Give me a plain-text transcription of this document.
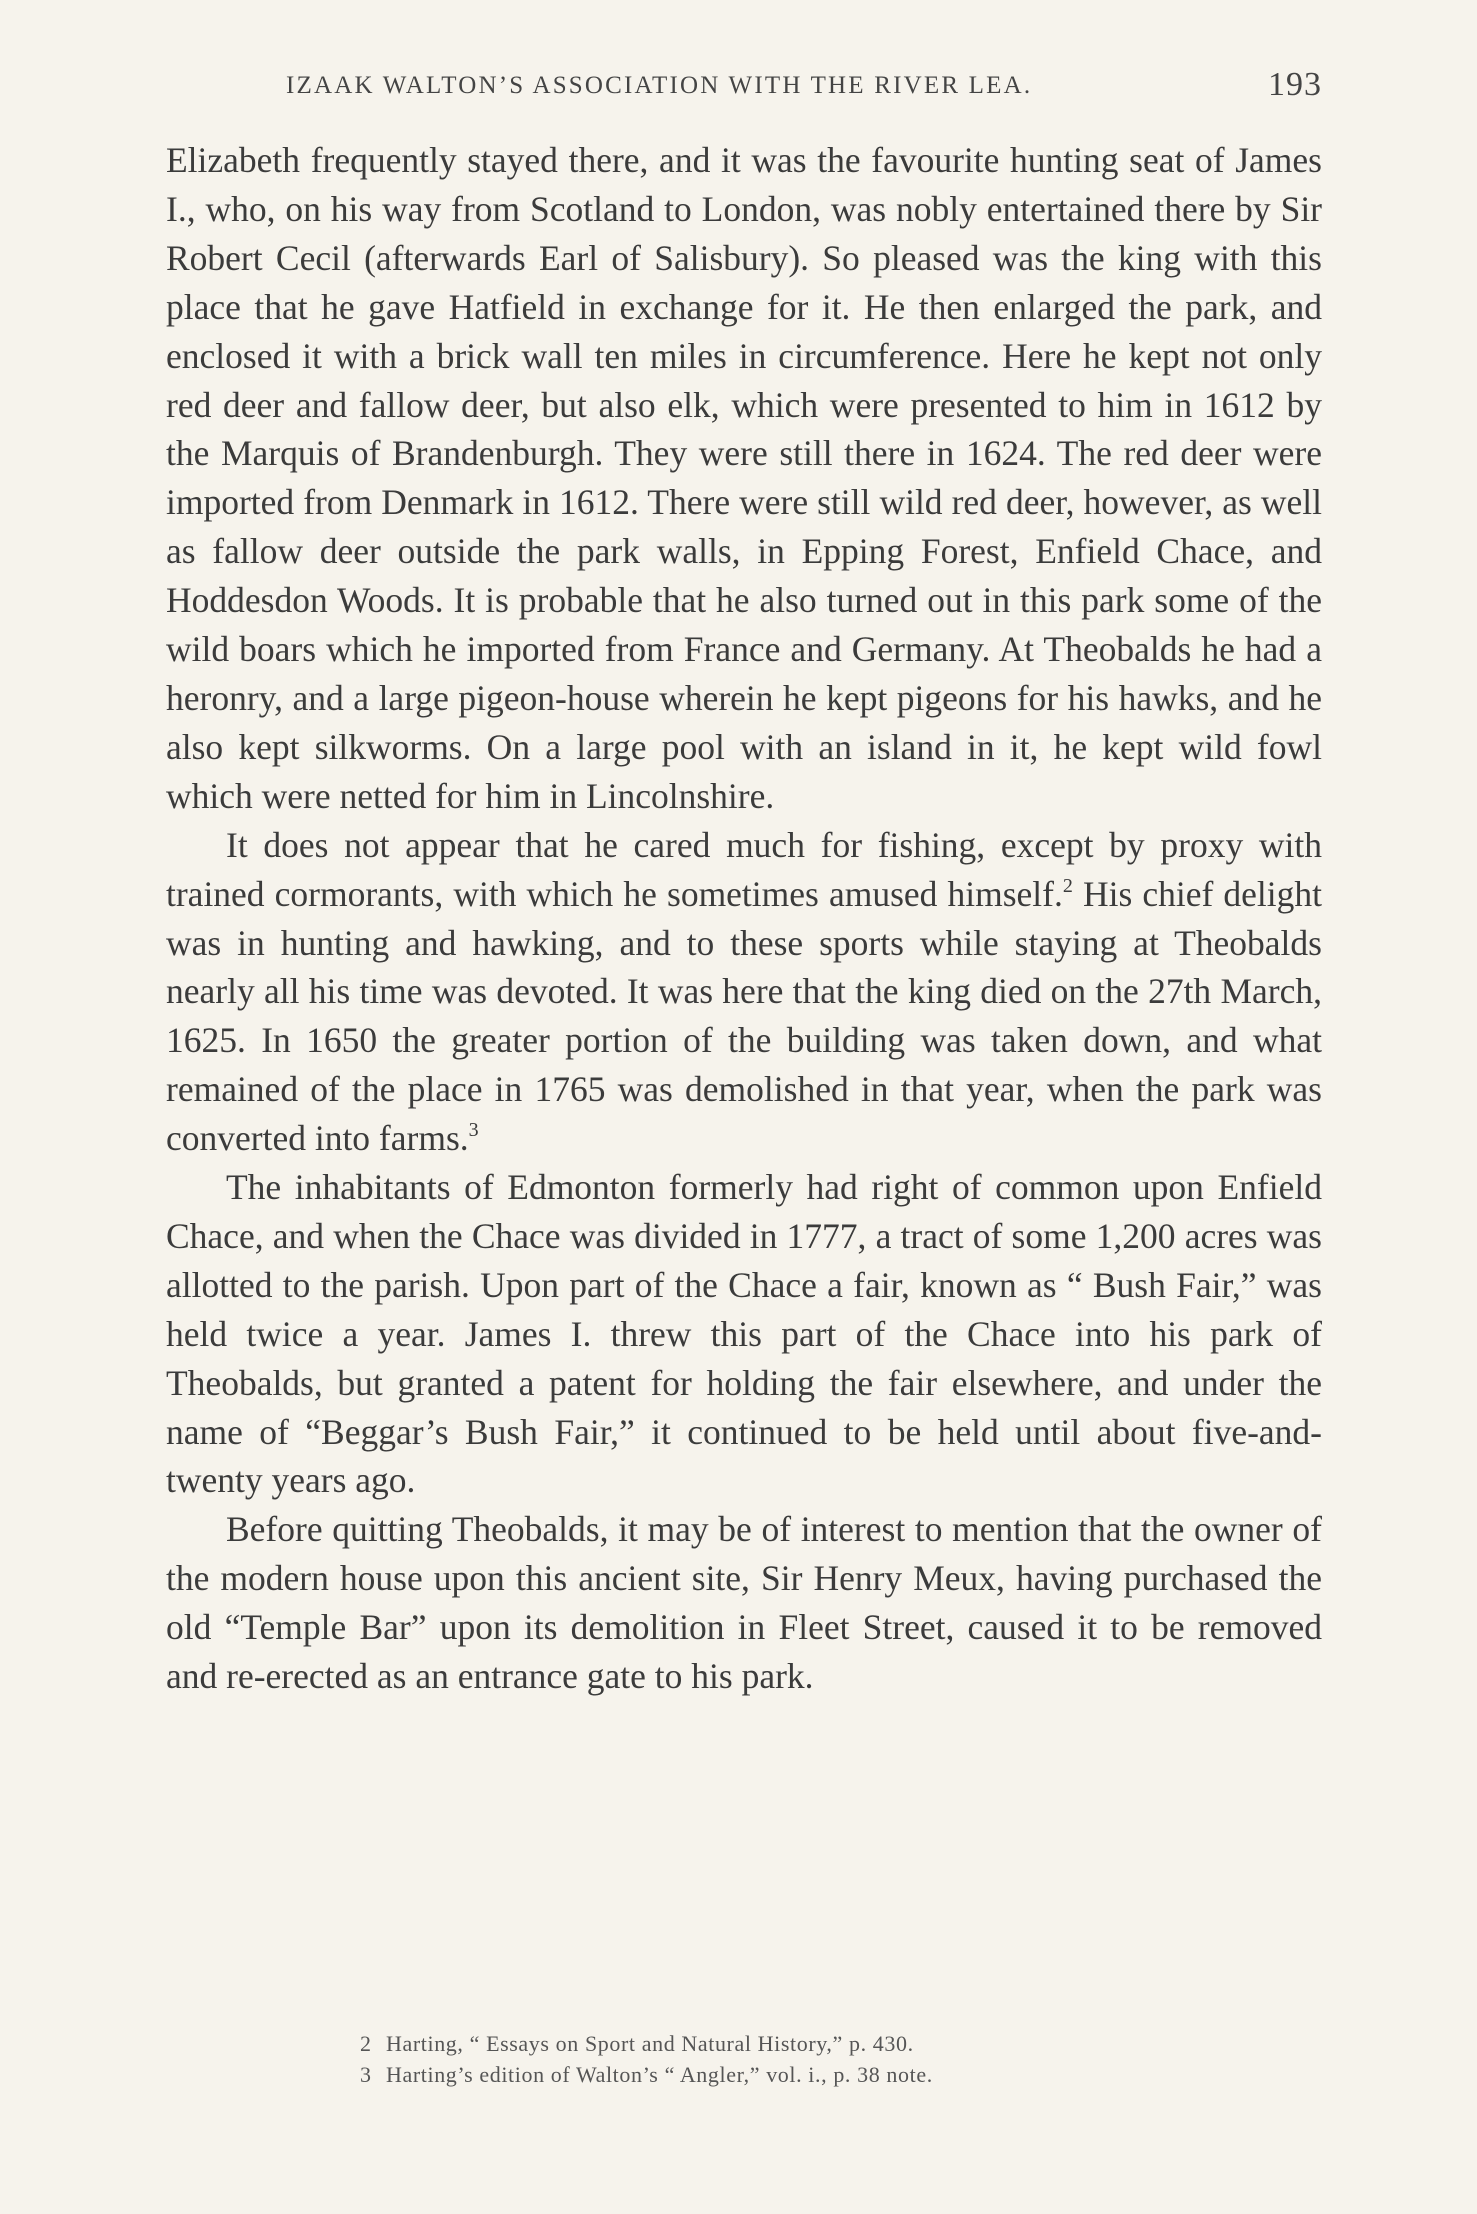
IZAAK WALTON’S ASSOCIATION WITH THE RIVER LEA.	193

Elizabeth frequently stayed there, and it was the favourite hunting seat of James I., who, on his way from Scotland to London, was nobly entertained there by Sir Robert Cecil (afterwards Earl of Salisbury). So pleased was the king with this place that he gave Hatfield in exchange for it. He then enlarged the park, and enclosed it with a brick wall ten miles in circumference. Here he kept not only red deer and fallow deer, but also elk, which were presented to him in 1612 by the Marquis of Brandenburgh. They were still there in 1624. The red deer were imported from Denmark in 1612. There were still wild red deer, however, as well as fallow deer outside the park walls, in Epping Forest, Enfield Chace, and Hoddesdon Woods. It is probable that he also turned out in this park some of the wild boars which he imported from France and Germany. At Theobalds he had a heronry, and a large pigeon-house wherein he kept pigeons for his hawks, and he also kept silkworms. On a large pool with an island in it, he kept wild fowl which were netted for him in Lincolnshire.

It does not appear that he cared much for fishing, except by proxy with trained cormorants, with which he sometimes amused himself.$^2$ His chief delight was in hunting and hawking, and to these sports while staying at Theobalds nearly all his time was devoted. It was here that the king died on the 27th March, 1625. In 1650 the greater portion of the building was taken down, and what remained of the place in 1765 was demolished in that year, when the park was converted into farms.$^3$

The inhabitants of Edmonton formerly had right of common upon Enfield Chace, and when the Chace was divided in 1777, a tract of some 1,200 acres was allotted to the parish. Upon part of the Chace a fair, known as “ Bush Fair,” was held twice a year. James I. threw this part of the Chace into his park of Theobalds, but granted a patent for holding the fair elsewhere, and under the name of “Beggar’s Bush Fair,” it continued to be held until about five-and-twenty years ago.

Before quitting Theobalds, it may be of interest to mention that the owner of the modern house upon this ancient site, Sir Henry Meux, having purchased the old “Temple Bar” upon its demolition in Fleet Street, caused it to be removed and re-erected as an entrance gate to his park.

2 Harting, “ Essays on Sport and Natural History,” p. 430.
3 Harting’s edition of Walton’s “ Angler,” vol. i., p. 38 note.
